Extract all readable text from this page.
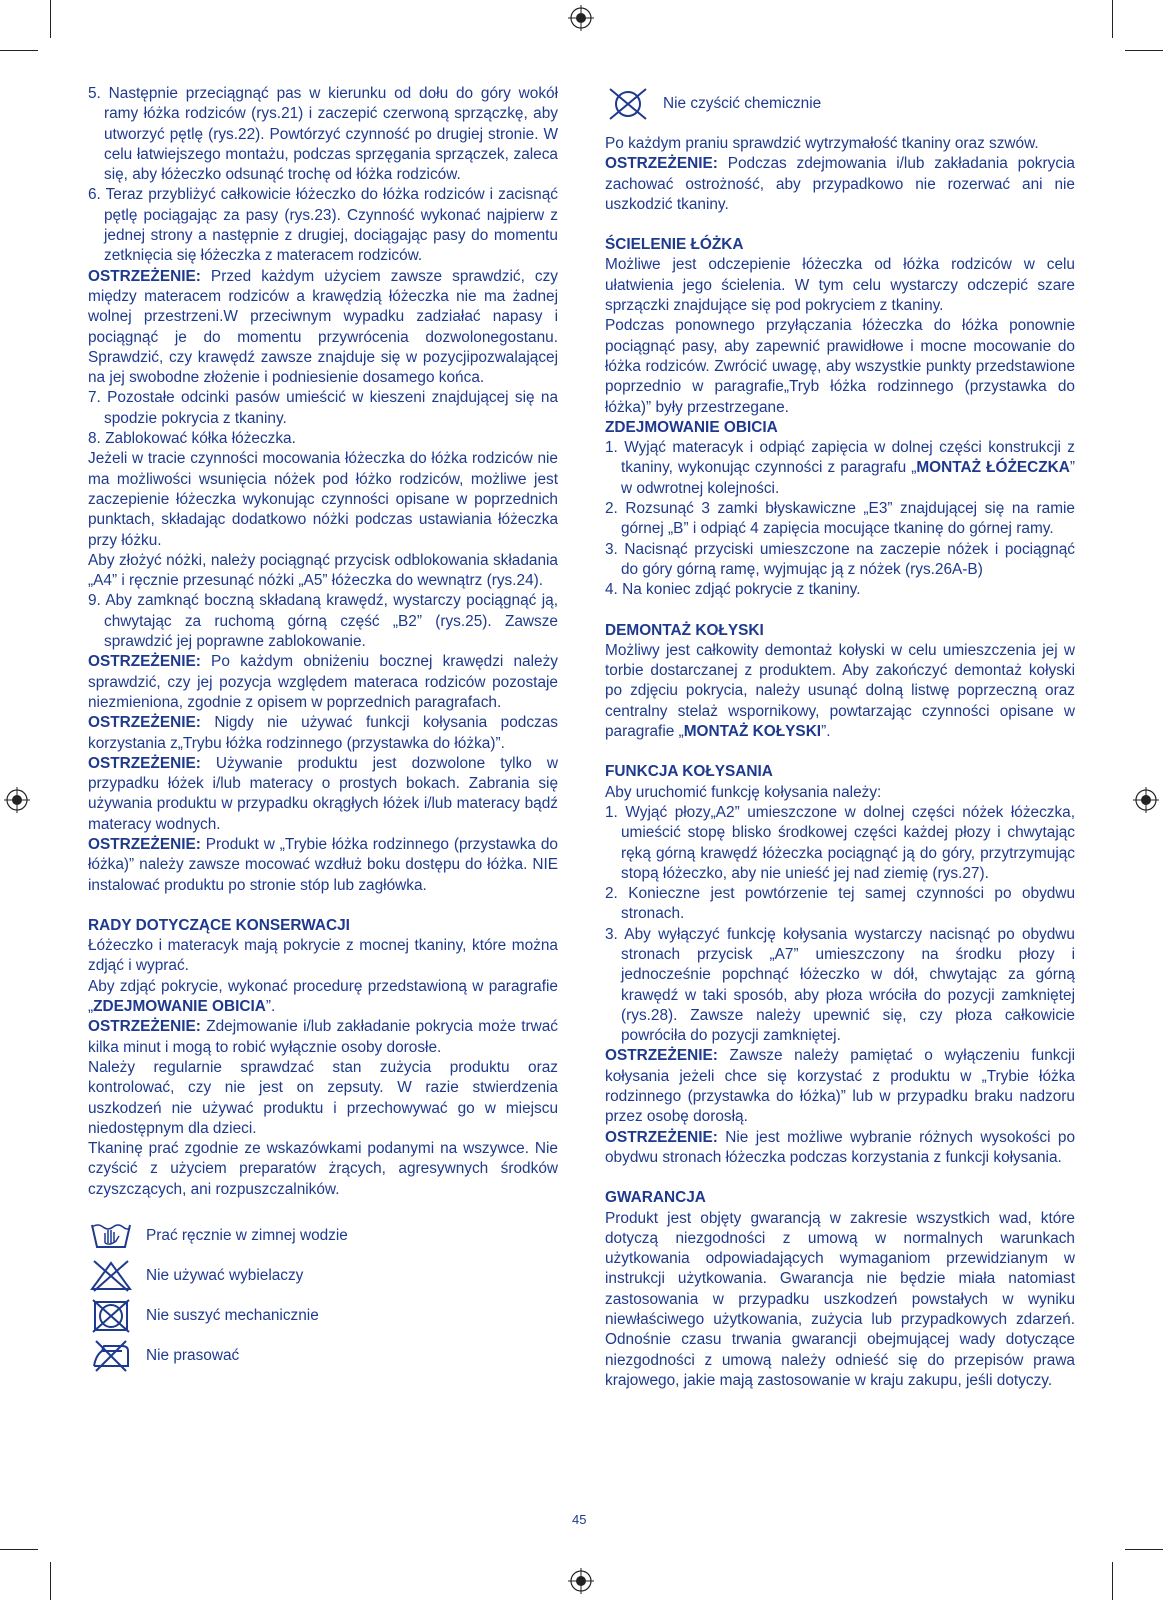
5. Następnie przeciągnąć pas w kierunku od dołu do góry wokół ramy łóżka rodziców (rys.21) i zaczepić czerwoną sprzączkę, aby utworzyć pętlę (rys.22). Powtórzyć czynność po drugiej stronie. W celu łatwiejszego montażu, podczas sprzęgania sprzączek, zaleca się, aby łóżeczko odsunąć trochę od łóżka rodziców.

6. Teraz przybliżyć całkowicie łóżeczko do łóżka rodziców i zacisnąć pętlę pociągając za pasy (rys.23). Czynność wykonać najpierw z jednej strony a następnie z drugiej, dociągając pasy do momentu zetknięcia się łóżeczka z materacem rodziców.

OSTRZEŻENIE: Przed każdym użyciem zawsze sprawdzić, czy między materacem rodziców a krawędzią łóżeczka nie ma żadnej wolnej przestrzeni.W przeciwnym wypadku zadziałać napasy i pociągnąć je do momentu przywrócenia dozwolonegostanu. Sprawdzić, czy krawędź zawsze znajduje się w pozycjipozwalającej na jej swobodne złożenie i podniesienie dosamego końca.

7. Pozostałe odcinki pasów umieścić w kieszeni znajdującej się na spodzie pokrycia z tkaniny.

8. Zablokować kółka łóżeczka.

Jeżeli w tracie czynności mocowania łóżeczka do łóżka rodziców nie ma możliwości wsunięcia nóżek pod łóżko rodziców, możliwe jest zaczepienie łóżeczka wykonując czynności opisane w poprzednich punktach, składając dodatkowo nóżki podczas ustawiania łóżeczka przy łóżku.

Aby złożyć nóżki, należy pociągnąć przycisk odblokowania składania „A4” i ręcznie przesunąć nóżki „A5” łóżeczka do wewnątrz (rys.24).

9. Aby zamknąć boczną składaną krawędź, wystarczy pociągnąć ją, chwytając za ruchomą górną część „B2” (rys.25). Zawsze sprawdzić jej poprawne zablokowanie.

OSTRZEŻENIE: Po każdym obniżeniu bocznej krawędzi należy sprawdzić, czy jej pozycja względem materaca rodziców pozostaje niezmieniona, zgodnie z opisem w poprzednich paragrafach.

OSTRZEŻENIE: Nigdy nie używać funkcji kołysania podczas korzystania z„Trybu łóżka rodzinnego (przystawka do łóżka)”.

OSTRZEŻENIE: Używanie produktu jest dozwolone tylko w przypadku łóżek i/lub materacy o prostych bokach. Zabrania się używania produktu w przypadku okrągłych łóżek i/lub materacy bądź materacy wodnych.

OSTRZEŻENIE: Produkt w „Trybie łóżka rodzinnego (przystawka do łóżka)” należy zawsze mocować wzdłuż boku dostępu do łóżka. NIE instalować produktu po stronie stóp lub zagłówka.

RADY DOTYCZĄCE KONSERWACJI

Łóżeczko i materacyk mają pokrycie z mocnej tkaniny, które można zdjąć i wyprać.

Aby zdjąć pokrycie, wykonać procedurę przedstawioną w paragrafie „ZDEJMOWANIE OBICIA”.

OSTRZEŻENIE: Zdejmowanie i/lub zakładanie pokrycia może trwać kilka minut i mogą to robić wyłącznie osoby dorosłe.

Należy regularnie sprawdzać stan zużycia produktu oraz kontrolować, czy nie jest on zepsuty. W razie stwierdzenia uszkodzeń nie używać produktu i przechowywać go w miejscu niedostępnym dla dzieci.

Tkaninę prać zgodnie ze wskazówkami podanymi na wszywce. Nie czyścić z użyciem preparatów żrących, agresywnych środków czyszczących, ani rozpuszczalników.

Prać ręcznie w zimnej wodzie
Nie używać wybielaczy
Nie suszyć mechanicznie
Nie prasować
Nie czyścić chemicznie

Po każdym praniu sprawdzić wytrzymałość tkaniny oraz szwów.

OSTRZEŻENIE: Podczas zdejmowania i/lub zakładania pokrycia zachować ostrożność, aby przypadkowo nie rozerwać ani nie uszkodzić tkaniny.

ŚCIELENIE ŁÓŻKA

Możliwe jest odczepienie łóżeczka od łóżka rodziców w celu ułatwienia jego ścielenia. W tym celu wystarczy odczepić szare sprzączki znajdujące się pod pokryciem z tkaniny.

Podczas ponownego przyłączania łóżeczka do łóżka ponownie pociągnąć pasy, aby zapewnić prawidłowe i mocne mocowanie do łóżka rodziców. Zwrócić uwagę, aby wszystkie punkty przedstawione poprzednio w paragrafie„Tryb łóżka rodzinnego (przystawka do łóżka)” były przestrzegane.

ZDEJMOWANIE OBICIA

1. Wyjąć materacyk i odpiąć zapięcia w dolnej części konstrukcji z tkaniny, wykonując czynności z paragrafu „MONTAŻ ŁÓŻECZKA” w odwrotnej kolejności.

2. Rozsunąć 3 zamki błyskawiczne „E3” znajdującej się na ramie górnej „B” i odpiąć 4 zapięcia mocujące tkaninę do górnej ramy.

3. Nacisnąć przyciski umieszczone na zaczepie nóżek i pociągnąć do góry górną ramę, wyjmując ją z nóżek (rys.26A-B)

4. Na koniec zdjąć pokrycie z tkaniny.

DEMONTAŻ KOŁYSKI

Możliwy jest całkowity demontaż kołyski w celu umieszczenia jej w torbie dostarczanej z produktem. Aby zakończyć demontaż kołyski po zdjęciu pokrycia, należy usunąć dolną listwę poprzeczną oraz centralny stelaż wspornikowy, powtarzając czynności opisane w paragrafie „MONTAŻ KOŁYSKI”.

FUNKCJA KOŁYSANIA

Aby uruchomić funkcję kołysania należy:

1. Wyjąć płozy„A2” umieszczone w dolnej części nóżek łóżeczka, umieścić stopę blisko środkowej części każdej płozy i chwytając ręką górną krawędź łóżeczka pociągnąć ją do góry, przytrzymując stopą łóżeczko, aby nie unieść jej nad ziemię (rys.27).

2. Konieczne jest powtórzenie tej samej czynności po obydwu stronach.

3. Aby wyłączyć funkcję kołysania wystarczy nacisnąć po obydwu stronach przycisk „A7” umieszczony na środku płozy i jednocześnie popchnąć łóżeczko w dół, chwytając za górną krawędź w taki sposób, aby płoza wróciła do pozycji zamkniętej (rys.28). Zawsze należy upewnić się, czy płoza całkowicie powróciła do pozycji zamkniętej.

OSTRZEŻENIE: Zawsze należy pamiętać o wyłączeniu funkcji kołysania jeżeli chce się korzystać z produktu w „Trybie łóżka rodzinnego (przystawka do łóżka)” lub w przypadku braku nadzoru przez osobę dorosłą.

OSTRZEŻENIE: Nie jest możliwe wybranie różnych wysokości po obydwu stronach łóżeczka podczas korzystania z funkcji kołysania.

GWARANCJA

Produkt jest objęty gwarancją w zakresie wszystkich wad, które dotyczą niezgodności z umową w normalnych warunkach użytkowania odpowiadających wymaganiom przewidzianym w instrukcji użytkowania. Gwarancja nie będzie miała natomiast zastosowania w przypadku uszkodzeń powstałych w wyniku niewłaściwego użytkowania, zużycia lub przypadkowych zdarzeń. Odnośnie czasu trwania gwarancji obejmującej wady dotyczące niezgodności z umową należy odnieść się do przepisów prawa krajowego, jakie mają zastosowanie w kraju zakupu, jeśli dotyczy.

45
